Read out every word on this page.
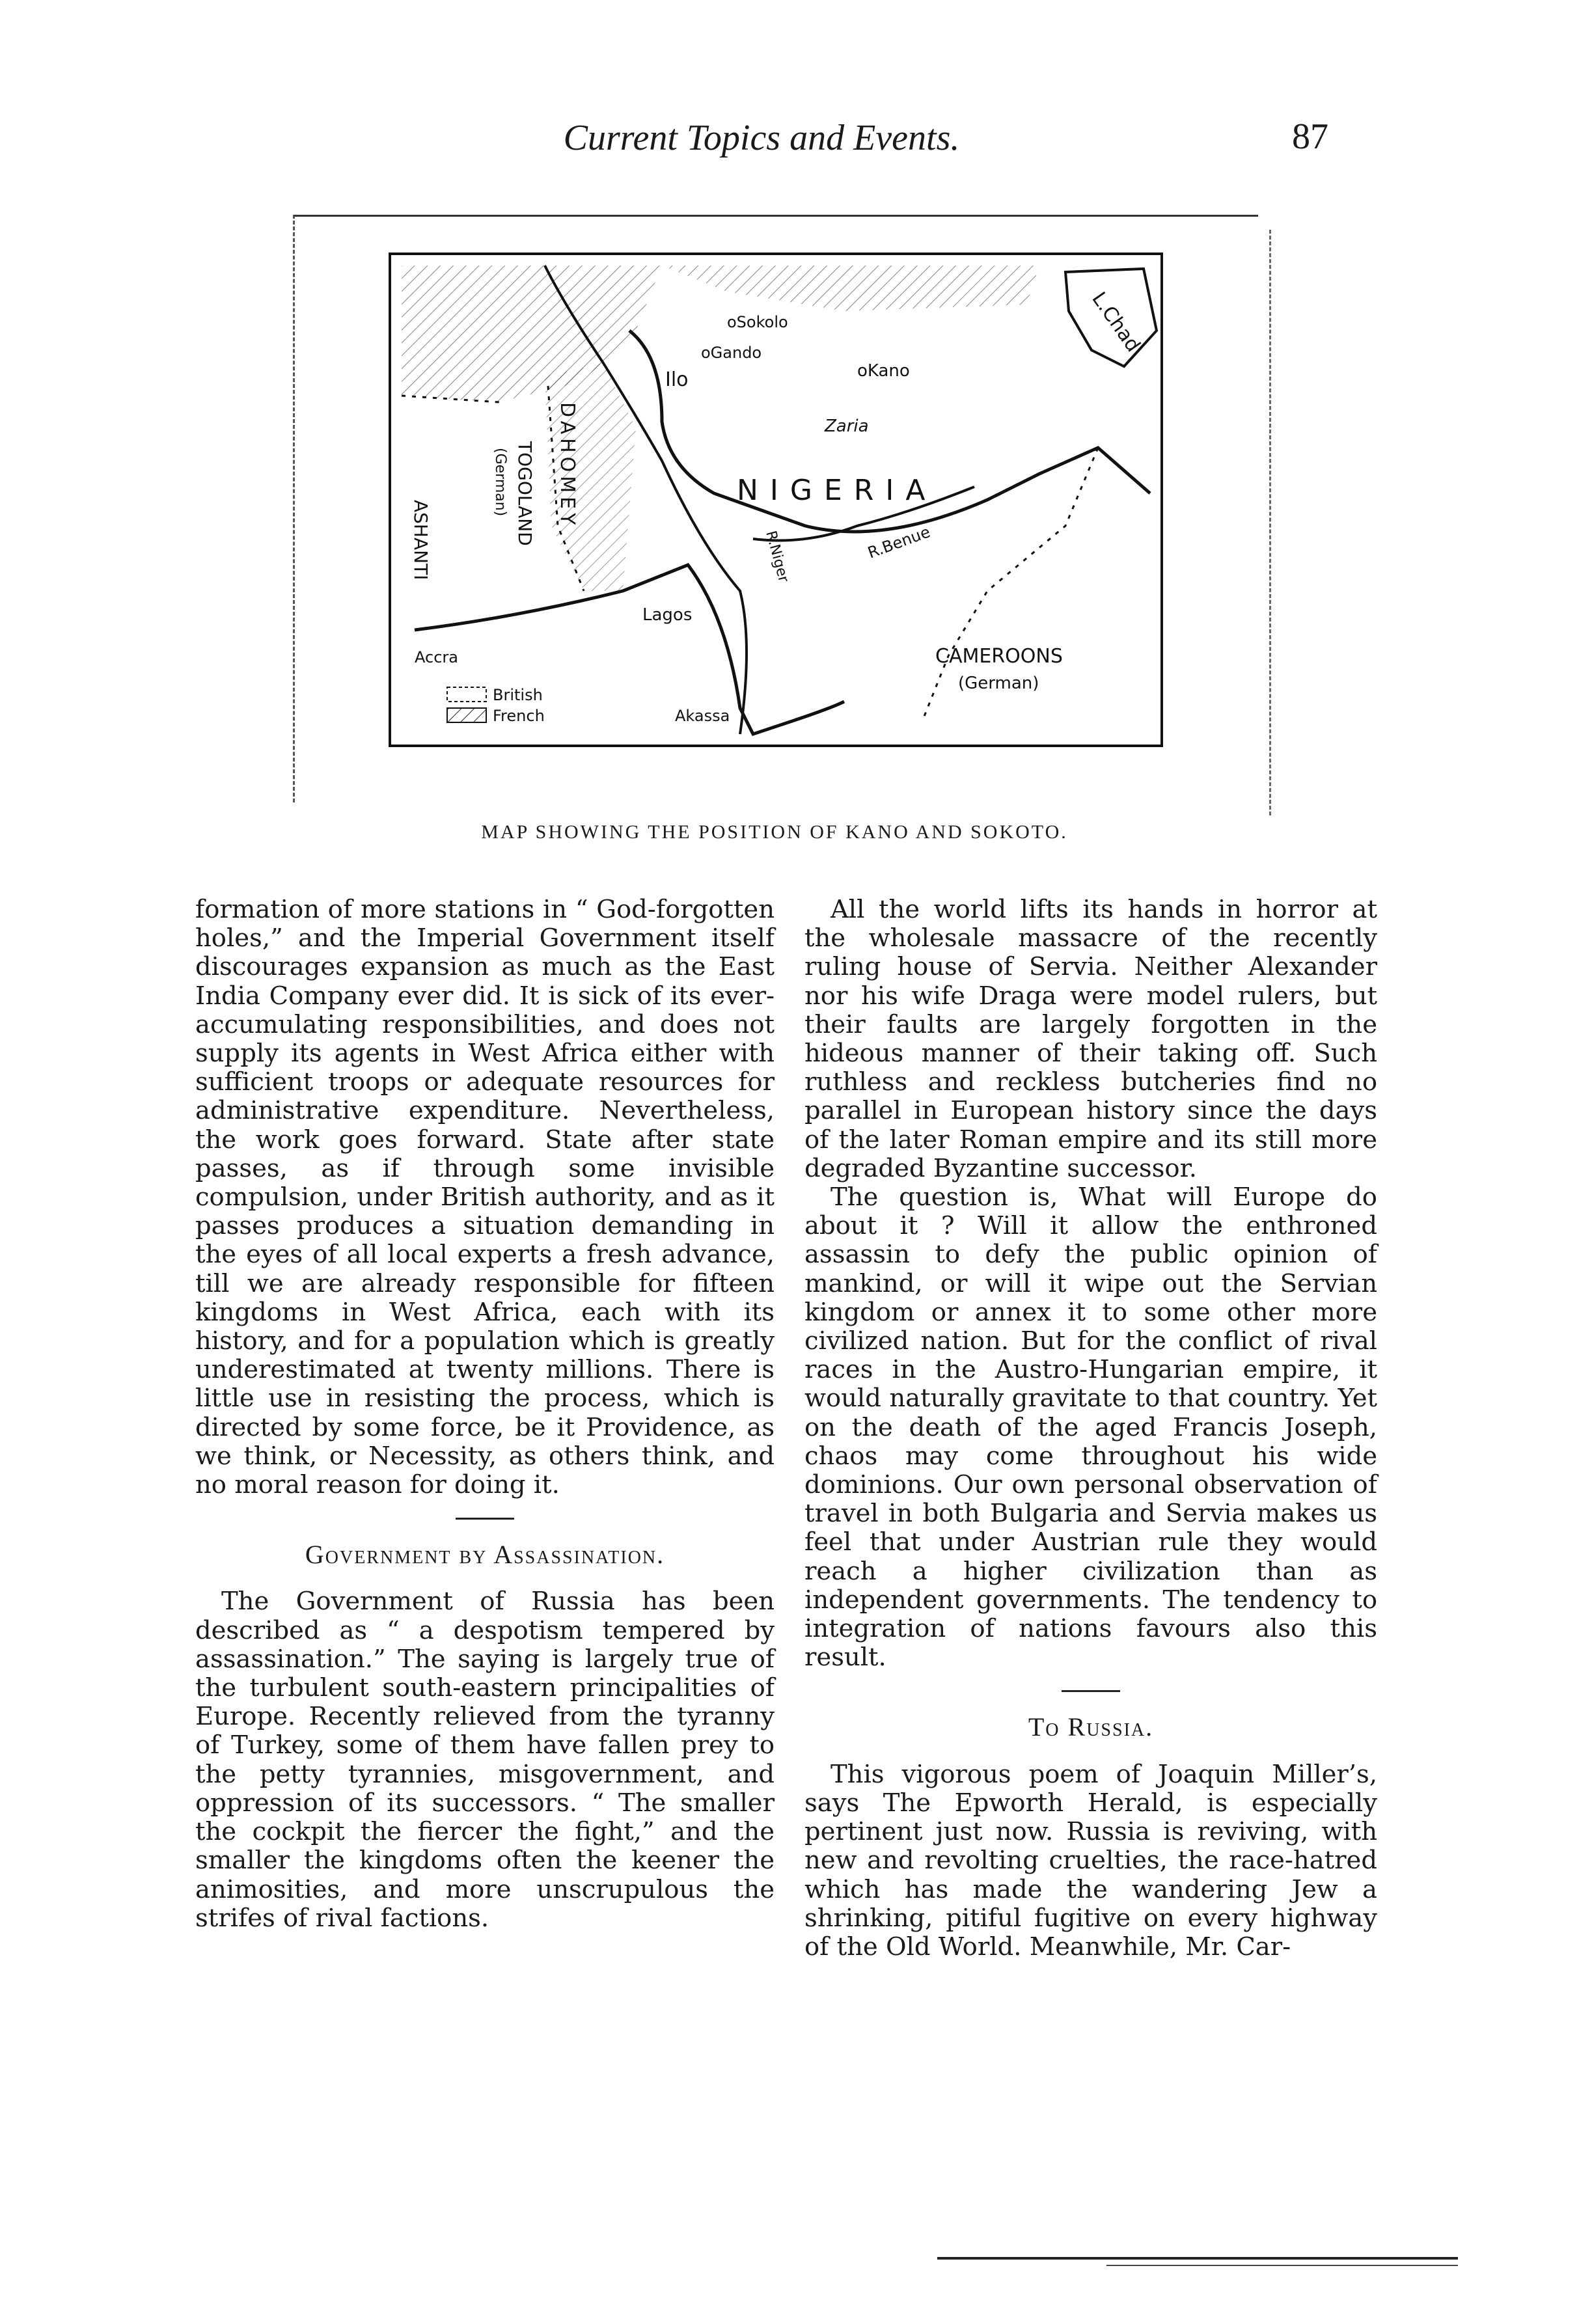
Current Topics and Events.	87
oSokolo
oGando
Ilo	oKano
Zaria
NIGERIA
L.Chad
DAHOMEY
TOGOLAND
(German)
ASHANTI	R.Niger	R.Benue
Lagos
Accra
Akassa
CAMEROONS
(German)
British
French
MAP SHOWING THE POSITION OF KANO AND SOKOTO.

formation of more stations in “ God-forgotten holes,” and the Imperial Government itself discourages expansion as much as the East India Company ever did. It is sick of its ever-accumulating responsibilities, and does not supply its agents in West Africa either with sufficient troops or adequate resources for administrative expenditure. Nevertheless, the work goes forward. State after state passes, as if through some invisible compulsion, under British authority, and as it passes produces a situation demanding in the eyes of all local experts a fresh advance, till we are already responsible for fifteen kingdoms in West Africa, each with its history, and for a population which is greatly underestimated at twenty millions. There is little use in resisting the process, which is directed by some force, be it Providence, as we think, or Necessity, as others think, and no moral reason for doing it.

Government by Assassination.

The Government of Russia has been described as “ a despotism tempered by assassination.” The saying is largely true of the turbulent south-eastern principalities of Europe. Recently relieved from the tyranny of Turkey, some of them have fallen prey to the petty tyrannies, misgovernment, and oppression of its successors. “ The smaller the cockpit the fiercer the fight,” and the smaller the kingdoms often the keener the animosities, and more unscrupulous the strifes of rival factions.

All the world lifts its hands in horror at the wholesale massacre of the recently ruling house of Servia. Neither Alexander nor his wife Draga were model rulers, but their faults are largely forgotten in the hideous manner of their taking off. Such ruthless and reckless butcheries find no parallel in European history since the days of the later Roman empire and its still more degraded Byzantine successor.

The question is, What will Europe do about it ? Will it allow the enthroned assassin to defy the public opinion of mankind, or will it wipe out the Servian kingdom or annex it to some other more civilized nation. But for the conflict of rival races in the Austro-Hungarian empire, it would naturally gravitate to that country. Yet on the death of the aged Francis Joseph, chaos may come throughout his wide dominions. Our own personal observation of travel in both Bulgaria and Servia makes us feel that under Austrian rule they would reach a higher civilization than as independent governments. The tendency to integration of nations favours also this result.

To Russia.

This vigorous poem of Joaquin Miller’s, says The Epworth Herald, is especially pertinent just now. Russia is reviving, with new and revolting cruelties, the race-hatred which has made the wandering Jew a shrinking, pitiful fugitive on every highway of the Old World. Meanwhile, Mr. Car-
